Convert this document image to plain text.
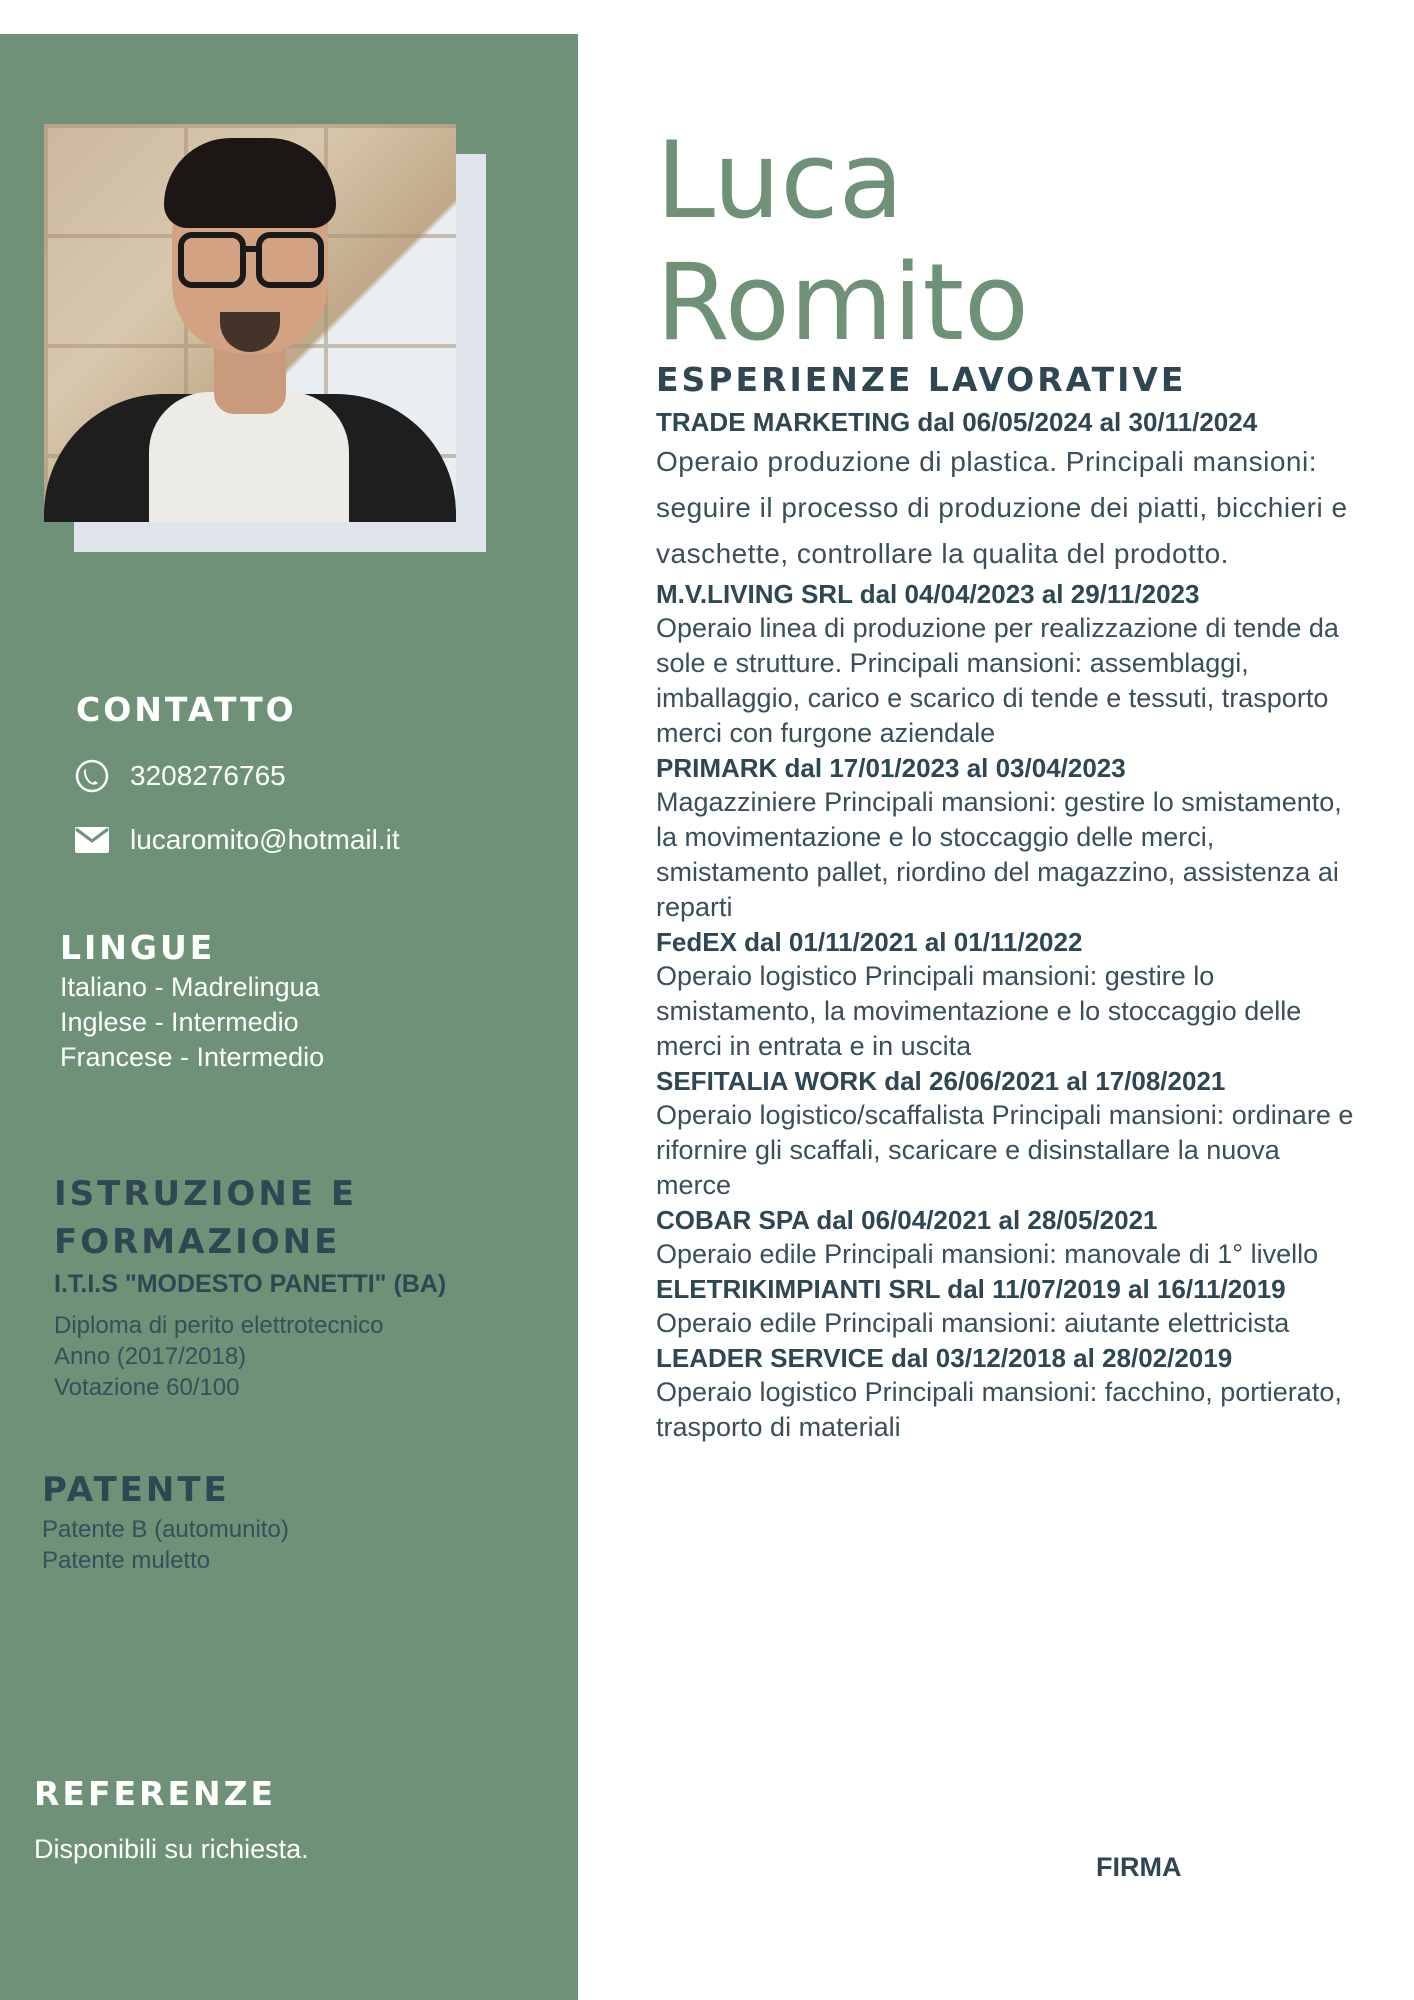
CONTATTO
3208276765
lucaromito@hotmail.it
LINGUE
Italiano - Madrelingua
Inglese - Intermedio
Francese - Intermedio
ISTRUZIONE E
FORMAZIONE
I.T.I.S "MODESTO PANETTI" (BA)
Diploma di perito elettrotecnico
Anno (2017/2018)
Votazione 60/100
PATENTE
Patente B (automunito)
Patente muletto
REFERENZE
Disponibili su richiesta.
Luca
Romito
ESPERIENZE LAVORATIVE

TRADE MARKETING dal 06/05/2024 al 30/11/2024

Operaio produzione di plastica. Principali mansioni: seguire il processo di produzione dei piatti, bicchieri e vaschette, controllare la qualita del prodotto.

M.V.LIVING SRL dal 04/04/2023 al 29/11/2023

Operaio linea di produzione per realizzazione di tende da sole e strutture. Principali mansioni: assemblaggi, imballaggio, carico e scarico di tende e tessuti, trasporto merci con furgone aziendale

PRIMARK dal 17/01/2023 al 03/04/2023

Magazziniere Principali mansioni: gestire lo smistamento, la movimentazione e lo stoccaggio delle merci, smistamento pallet, riordino del magazzino, assistenza ai reparti

FedEX dal 01/11/2021 al 01/11/2022

Operaio logistico Principali mansioni: gestire lo smistamento, la movimentazione e lo stoccaggio delle merci in entrata e in uscita

SEFITALIA WORK dal 26/06/2021 al 17/08/2021

Operaio logistico/scaffalista Principali mansioni: ordinare e rifornire gli scaffali, scaricare e disinstallare la nuova merce

COBAR SPA dal 06/04/2021 al 28/05/2021

Operaio edile Principali mansioni: manovale di 1° livello

ELETRIKIMPIANTI SRL dal 11/07/2019 al 16/11/2019

Operaio edile Principali mansioni: aiutante elettricista

LEADER SERVICE dal 03/12/2018 al 28/02/2019

Operaio logistico Principali mansioni: facchino, portierato, trasporto di materiali

FIRMA
